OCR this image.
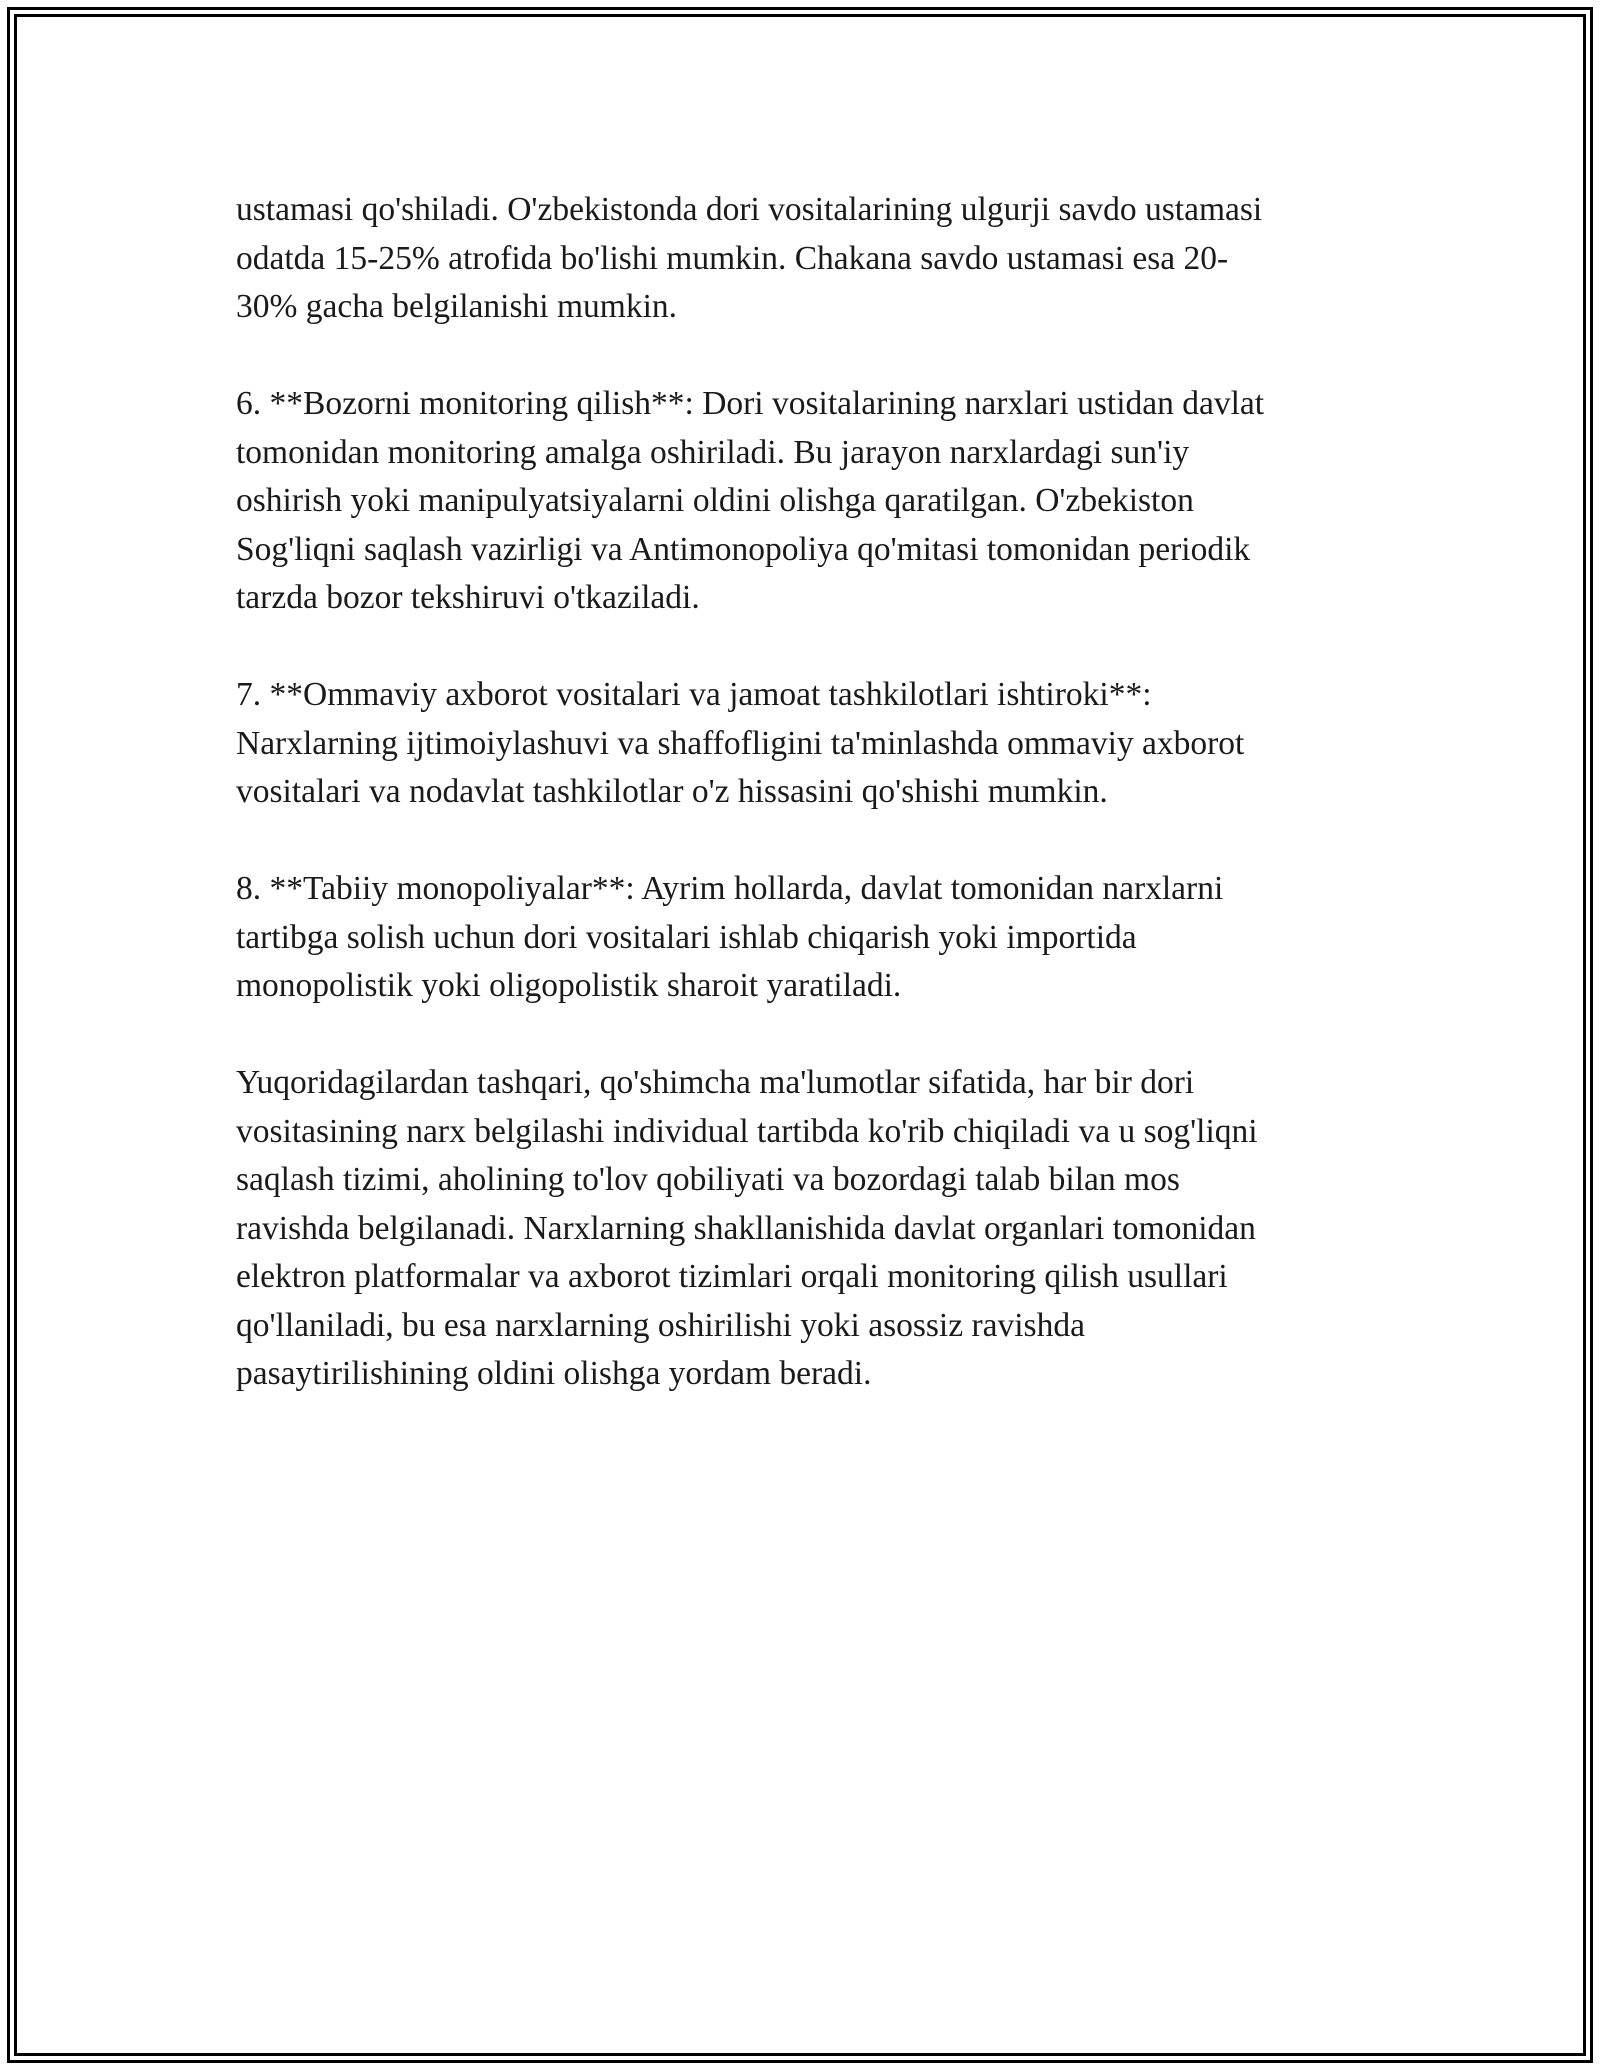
ustamasi qo'shiladi. O'zbekistonda dori vositalarining ulgurji savdo ustamasi
odatda 15-25% atrofida bo'lishi mumkin. Chakana savdo ustamasi esa 20-
30% gacha belgilanishi mumkin.

6. **Bozorni monitoring qilish**: Dori vositalarining narxlari ustidan davlat
tomonidan monitoring amalga oshiriladi. Bu jarayon narxlardagi sun'iy
oshirish yoki manipulyatsiyalarni oldini olishga qaratilgan. O'zbekiston
Sog'liqni saqlash vazirligi va Antimonopoliya qo'mitasi tomonidan periodik
tarzda bozor tekshiruvi o'tkaziladi.

7. **Ommaviy axborot vositalari va jamoat tashkilotlari ishtiroki**:
Narxlarning ijtimoiylashuvi va shaffofligini ta'minlashda ommaviy axborot
vositalari va nodavlat tashkilotlar o'z hissasini qo'shishi mumkin.

8. **Tabiiy monopoliyalar**: Ayrim hollarda, davlat tomonidan narxlarni
tartibga solish uchun dori vositalari ishlab chiqarish yoki importida
monopolistik yoki oligopolistik sharoit yaratiladi.

Yuqoridagilardan tashqari, qo'shimcha ma'lumotlar sifatida, har bir dori
vositasining narx belgilashi individual tartibda ko'rib chiqiladi va u sog'liqni
saqlash tizimi, aholining to'lov qobiliyati va bozordagi talab bilan mos
ravishda belgilanadi. Narxlarning shakllanishida davlat organlari tomonidan
elektron platformalar va axborot tizimlari orqali monitoring qilish usullari
qo'llaniladi, bu esa narxlarning oshirilishi yoki asossiz ravishda
pasaytirilishining oldini olishga yordam beradi.
